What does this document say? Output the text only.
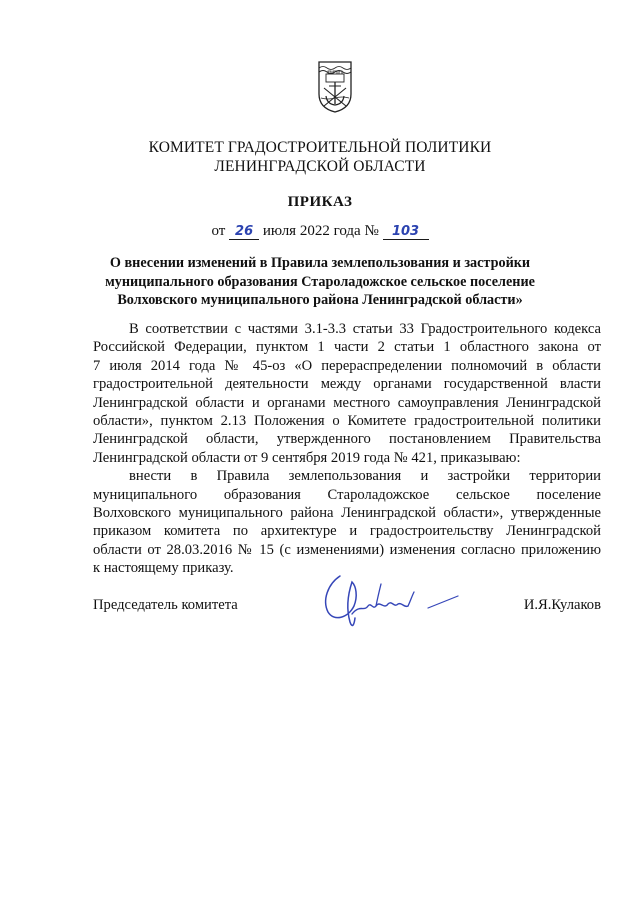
КОМИТЕТ ГРАДОСТРОИТЕЛЬНОЙ ПОЛИТИКИ
ЛЕНИНГРАДСКОЙ ОБЛАСТИ
ПРИКАЗ
от 26 июля 2022 года № 103
О внесении изменений в Правила землепользования и застройки
муниципального образования Староладожское сельское поселение
Волховского муниципального района Ленинградской области»
В соответствии с частями 3.1-3.3 статьи 33 Градостроительного кодекса
Российской Федерации, пунктом 1 части 2 статьи 1 областного закона от
7 июля 2014 года № 45-оз «О перераспределении полномочий в области
градостроительной деятельности между органами государственной власти
Ленинградской области и органами местного самоуправления Ленинградской
области», пунктом 2.13 Положения о Комитете градостроительной политики
Ленинградской области, утвержденного постановлением Правительства
Ленинградской области от 9 сентября 2019 года № 421, приказываю:
внести в Правила землепользования и застройки территории
муниципального образования Староладожское сельское поселение
Волховского муниципального района Ленинградской области», утвержденные
приказом комитета по архитектуре и градостроительству Ленинградской
области от 28.03.2016 № 15 (с изменениями) изменения согласно приложению
к настоящему приказу.
Председатель комитета	И.Я.Кулаков
